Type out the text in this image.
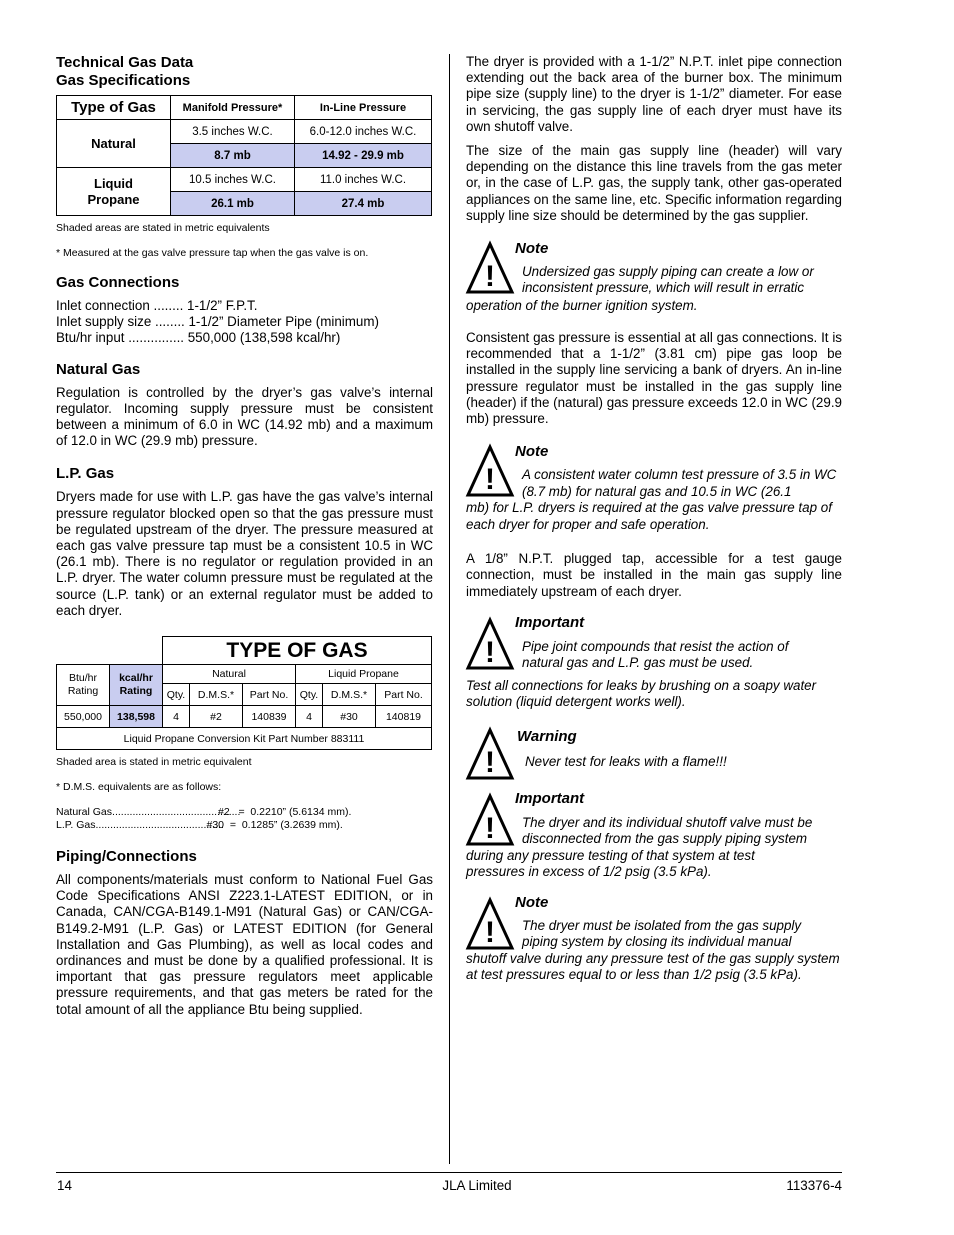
Technical Gas Data
Gas Specifications
Type of Gas	Manifold Pressure*	In-Line Pressure
Natural	3.5 inches W.C.	6.0-12.0 inches W.C.
	8.7 mb	14.92 - 29.9 mb
Liquid
Propane	10.5 inches W.C.	11.0 inches W.C.
	26.1 mb	27.4 mb
Shaded areas are stated in metric equivalents
* Measured at the gas valve pressure tap when the gas valve is on.
Gas Connections
Inlet connection ........ 1-1/2” F.P.T.
Inlet supply size ........ 1-1/2” Diameter Pipe (minimum)
Btu/hr input ............... 550,000 (138,598 kcal/hr)
Natural Gas
Regulation is controlled by the dryer’s gas valve’s internal regulator. Incoming supply pressure must be consistent between a minimum of 6.0 in WC (14.92 mb) and a maximum of 12.0 in WC (29.9 mb) pressure.
L.P. Gas
Dryers made for use with L.P. gas have the gas valve’s internal pressure regulator blocked open so that the gas pressure must be regulated upstream of the dryer. The pressure measured at each gas valve pressure tap must be a consistent 10.5 in WC (26.1 mb). There is no regulator or regulation provided in an L.P. dryer. The water column pressure must be regulated at the source (L.P. tank) or an external regulator must be added to each dryer.
		TYPE OF GAS					
Btu/hr Rating	kcal/hr Rating	Natural			Liquid Propane		
		Qty.	D.M.S.*	Part No.	Qty.	D.M.S.*	Part No.
550,000	138,598	4	#2	140839	4	#30	140819
Liquid Propane Conversion Kit Part Number 883111							
Shaded area is stated in metric equivalent
* D.M.S. equivalents are as follows:
Natural Gas ............................................
#2   =  0.2210” (5.6134 mm).
L.P. Gas ............................................
#30  =  0.1285” (3.2639 mm).
Piping/Connections
All components/materials must conform to National Fuel Gas Code Specifications ANSI Z223.1-LATEST EDITION, or in Canada, CAN/CGA-B149.1-M91 (Natural Gas) or CAN/CGA-B149.2-M91 (L.P. Gas) or LATEST EDITION (for General Installation and Gas Plumbing), as well as local codes and ordinances and must be done by a qualified professional. It is important that gas pressure regulators meet applicable pressure requirements, and that gas meters be rated for the total amount of all the appliance Btu being supplied.
The dryer is provided with a 1-1/2” N.P.T. inlet pipe connection extending out the back area of the burner box. The minimum pipe size (supply line) to the dryer is 1-1/2” diameter. For ease in servicing, the gas supply line of each dryer must have its own shutoff valve.
The size of the main gas supply line (header) will vary depending on the distance this line travels from the gas meter or, in the case of L.P. gas, the supply tank, other gas-operated appliances on the same line, etc. Specific information regarding supply line size should be determined by the gas supplier.
!
Note
Undersized gas supply piping can create a low or inconsistent pressure, which will result in erratic
operation of the burner ignition system.
Consistent gas pressure is essential at all gas connections. It is recommended that a 1-1/2” (3.81 cm) pipe gas loop be installed in the supply line servicing a bank of dryers. An in-line pressure regulator must be installed in the gas supply line (header) if the (natural) gas pressure exceeds 12.0 in WC (29.9 mb) pressure.
!
Note
A consistent water column test pressure of 3.5 in WC (8.7 mb) for natural gas and 10.5 in WC (26.1
mb) for L.P. dryers is required at the gas valve pressure tap of each dryer for proper and safe operation.
A 1/8” N.P.T. plugged tap, accessible for a test gauge connection, must be installed in the main gas supply line immediately upstream of each dryer.
!
Important
Pipe joint compounds that resist the action of natural gas and L.P. gas must be used.
Test all connections for leaks by brushing on a soapy water solution (liquid detergent works well).
!
Warning
Never test for leaks with a flame!!!
!
Important
The dryer and its individual shutoff valve must be disconnected from the gas supply piping system
during any pressure testing of that system at test pressures in excess of 1/2 psig (3.5 kPa).
!
Note
The dryer must be isolated from the gas supply piping system by closing its individual manual
shutoff valve during any pressure test of the gas supply system at test pressures equal to or less than 1/2 psig (3.5 kPa).
14	JLA Limited	113376-4
